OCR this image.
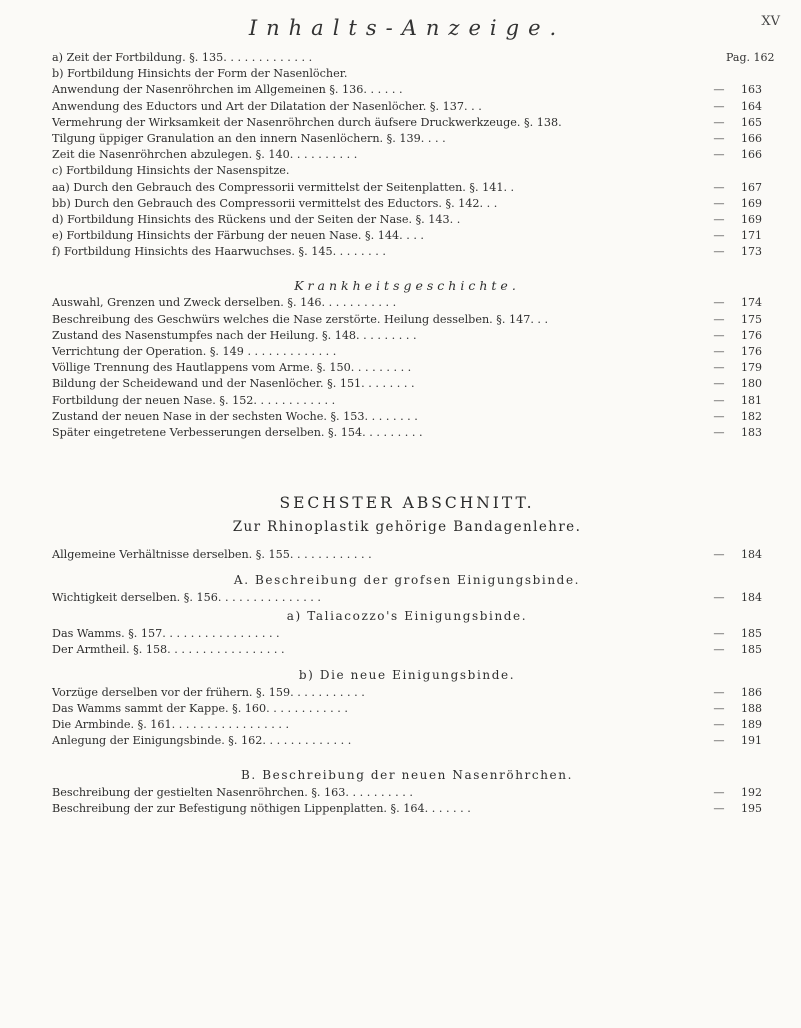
Inhalts-Anzeige.	XV
a) Zeit der Fortbildung. §. 135. . . . . . . . . . . . .	Pag. 162
b) Fortbildung Hinsichts der Form der Nasenlöcher.
Anwendung der Nasenröhrchen im Allgemeinen §. 136. . . . . .	—	163
Anwendung des Eductors und Art der Dilatation der Nasenlöcher. §. 137. . .	—	164
Vermehrung der Wirksamkeit der Nasenröhrchen durch äufsere Druckwerkzeuge. §. 138.	—	165
Tilgung üppiger Granulation an den innern Nasenlöchern. §. 139. . . .	—	166
Zeit die Nasenröhrchen abzulegen. §. 140. . . . . . . . . .	—	166
c) Fortbildung Hinsichts der Nasenspitze.
aa) Durch den Gebrauch des Compressorii vermittelst der Seitenplatten. §. 141. .	—	167
bb) Durch den Gebrauch des Compressorii vermittelst des Eductors. §. 142. . .	—	169
d) Fortbildung Hinsichts des Rückens und der Seiten der Nase. §. 143. .	—	169
e) Fortbildung Hinsichts der Färbung der neuen Nase. §. 144. . . .	—	171
f) Fortbildung Hinsichts des Haarwuchses. §. 145. . . . . . . .	—	173
Krankheitsgeschichte.
Auswahl, Grenzen und Zweck derselben. §. 146. . . . . . . . . . .	—	174
Beschreibung des Geschwürs welches die Nase zerstörte. Heilung desselben. §. 147. . .	—	175
Zustand des Nasenstumpfes nach der Heilung. §. 148. . . . . . . . .	—	176
Verrichtung der Operation. §. 149 . . . . . . . . . . . . .	—	176
Völlige Trennung des Hautlappens vom Arme. §. 150. . . . . . . . .	—	179
Bildung der Scheidewand und der Nasenlöcher. §. 151. . . . . . . .	—	180
Fortbildung der neuen Nase. §. 152. . . . . . . . . . . .	—	181
Zustand der neuen Nase in der sechsten Woche. §. 153. . . . . . . .	—	182
Später eingetretene Verbesserungen derselben. §. 154. . . . . . . . .	—	183
SECHSTER ABSCHNITT.
Zur Rhinoplastik gehörige Bandagenlehre.
Allgemeine Verhältnisse derselben. §. 155. . . . . . . . . . . .	—	184
A. Beschreibung der grofsen Einigungsbinde.
Wichtigkeit derselben. §. 156. . . . . . . . . . . . . . .	—	184
a) Taliacozzo's Einigungsbinde.
Das Wamms. §. 157. . . . . . . . . . . . . . . . .	—	185
Der Armtheil. §. 158. . . . . . . . . . . . . . . . .	—	185
b) Die neue Einigungsbinde.
Vorzüge derselben vor der frühern. §. 159. . . . . . . . . . .	—	186
Das Wamms sammt der Kappe. §. 160. . . . . . . . . . . .	—	188
Die Armbinde. §. 161. . . . . . . . . . . . . . . . .	—	189
Anlegung der Einigungsbinde. §. 162. . . . . . . . . . . . .	—	191
B. Beschreibung der neuen Nasenröhrchen.
Beschreibung der gestielten Nasenröhrchen. §. 163. . . . . . . . . .	—	192
Beschreibung der zur Befestigung nöthigen Lippenplatten. §. 164. . . . . . .	—	195
